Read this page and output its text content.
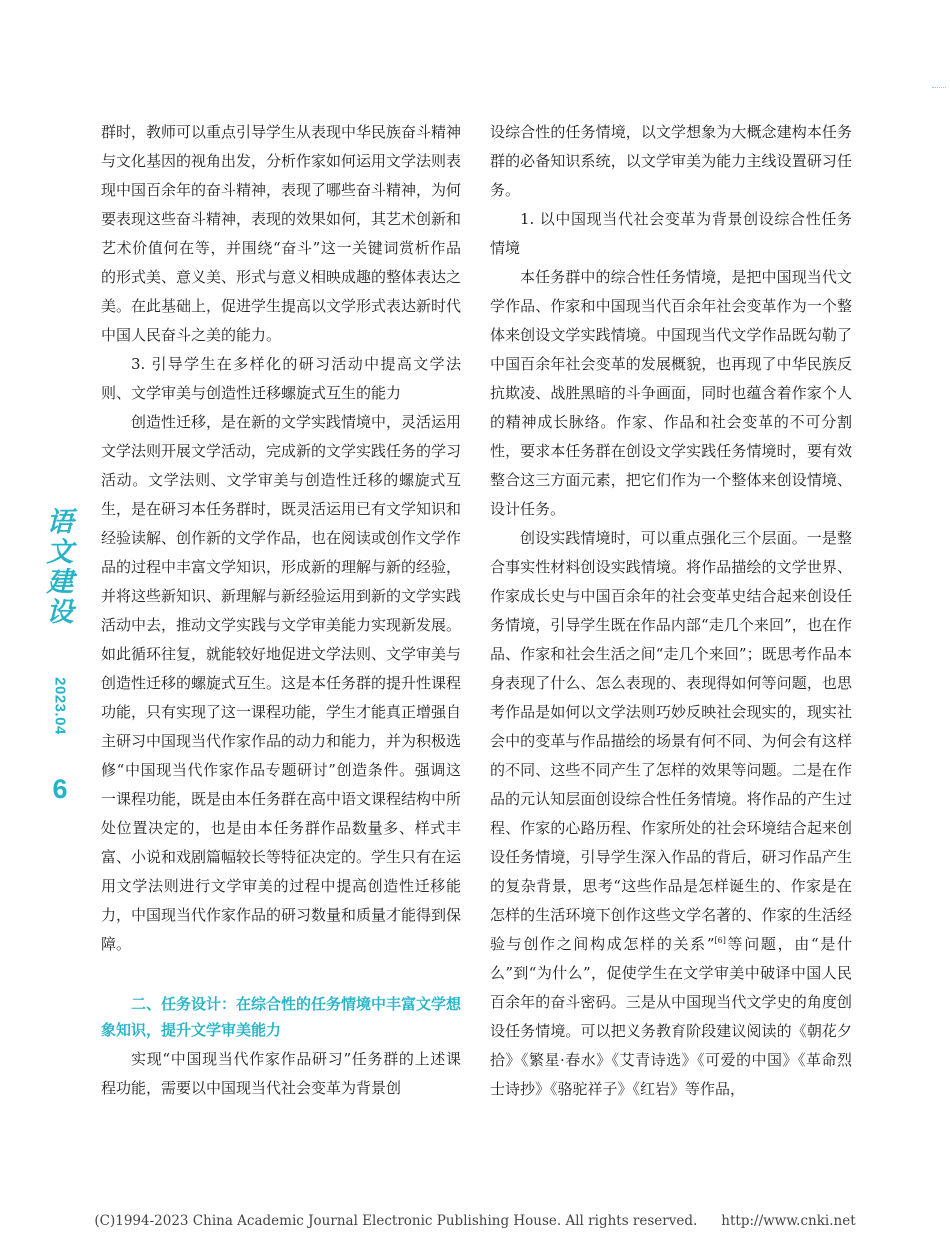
语
文
建
设
2023.04
6

群时，教师可以重点引导学生从表现中华民族奋斗精神与文化基因的视角出发，分析作家如何运用文学法则表现中国百余年的奋斗精神，表现了哪些奋斗精神，为何要表现这些奋斗精神，表现的效果如何，其艺术创新和艺术价值何在等，并围绕“奋斗”这一关键词赏析作品的形式美、意义美、形式与意义相映成趣的整体表达之美。在此基础上，促进学生提高以文学形式表达新时代中国人民奋斗之美的能力。

3. 引导学生在多样化的研习活动中提高文学法则、文学审美与创造性迁移螺旋式互生的能力

创造性迁移，是在新的文学实践情境中，灵活运用文学法则开展文学活动，完成新的文学实践任务的学习活动。文学法则、文学审美与创造性迁移的螺旋式互生，是在研习本任务群时，既灵活运用已有文学知识和经验读解、创作新的文学作品，也在阅读或创作文学作品的过程中丰富文学知识，形成新的理解与新的经验，并将这些新知识、新理解与新经验运用到新的文学实践活动中去，推动文学实践与文学审美能力实现新发展。如此循环往复，就能较好地促进文学法则、文学审美与创造性迁移的螺旋式互生。这是本任务群的提升性课程功能，只有实现了这一课程功能，学生才能真正增强自主研习中国现当代作家作品的动力和能力，并为积极选修“中国现当代作家作品专题研讨”创造条件。强调这一课程功能，既是由本任务群在高中语文课程结构中所处位置决定的，也是由本任务群作品数量多、样式丰富、小说和戏剧篇幅较长等特征决定的。学生只有在运用文学法则进行文学审美的过程中提高创造性迁移能力，中国现当代作家作品的研习数量和质量才能得到保障。

二、任务设计：在综合性的任务情境中丰富文学想象知识，提升文学审美能力

实现“中国现当代作家作品研习”任务群的上述课程功能，需要以中国现当代社会变革为背景创

设综合性的任务情境，以文学想象为大概念建构本任务群的必备知识系统，以文学审美为能力主线设置研习任务。

1. 以中国现当代社会变革为背景创设综合性任务情境

本任务群中的综合性任务情境，是把中国现当代文学作品、作家和中国现当代百余年社会变革作为一个整体来创设文学实践情境。中国现当代文学作品既勾勒了中国百余年社会变革的发展概貌，也再现了中华民族反抗欺凌、战胜黑暗的斗争画面，同时也蕴含着作家个人的精神成长脉络。作家、作品和社会变革的不可分割性，要求本任务群在创设文学实践任务情境时，要有效整合这三方面元素，把它们作为一个整体来创设情境、设计任务。

创设实践情境时，可以重点强化三个层面。一是整合事实性材料创设实践情境。将作品描绘的文学世界、作家成长史与中国百余年的社会变革史结合起来创设任务情境，引导学生既在作品内部“走几个来回”，也在作品、作家和社会生活之间“走几个来回”；既思考作品本身表现了什么、怎么表现的、表现得如何等问题，也思考作品是如何以文学法则巧妙反映社会现实的，现实社会中的变革与作品描绘的场景有何不同、为何会有这样的不同、这些不同产生了怎样的效果等问题。二是在作品的元认知层面创设综合性任务情境。将作品的产生过程、作家的心路历程、作家所处的社会环境结合起来创设任务情境，引导学生深入作品的背后，研习作品产生的复杂背景，思考“这些作品是怎样诞生的、作家是在怎样的生活环境下创作这些文学名著的、作家的生活经验与创作之间构成怎样的关系”[6]等问题，由“是什么”到“为什么”，促使学生在文学审美中破译中国人民百余年的奋斗密码。三是从中国现当代文学史的角度创设任务情境。可以把义务教育阶段建议阅读的《朝花夕拾》《繁星·春水》《艾青诗选》《可爱的中国》《革命烈士诗抄》《骆驼祥子》《红岩》等作品，

(C)1994-2023 China Academic Journal Electronic Publishing House. All rights reserved. http://www.cnki.net
